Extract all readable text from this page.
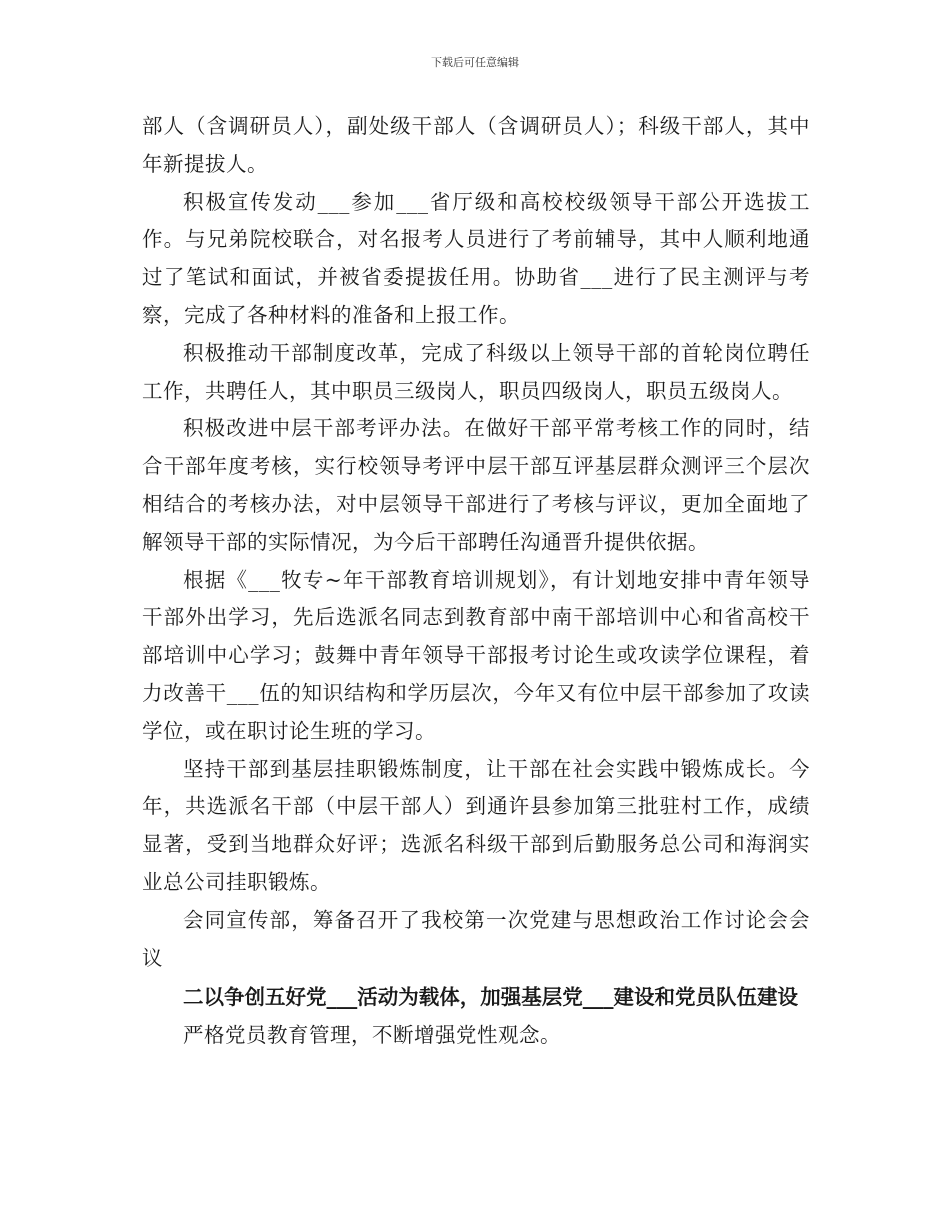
下载后可任意编辑

部人（含调研员人），副处级干部人（含调研员人）；科级干部人，其中年新提拔人。

积极宣传发动___参加___省厅级和高校校级领导干部公开选拔工作。与兄弟院校联合，对名报考人员进行了考前辅导，其中人顺利地通过了笔试和面试，并被省委提拔任用。协助省___进行了民主测评与考察，完成了各种材料的准备和上报工作。

积极推动干部制度改革，完成了科级以上领导干部的首轮岗位聘任工作，共聘任人，其中职员三级岗人，职员四级岗人，职员五级岗人。

积极改进中层干部考评办法。在做好干部平常考核工作的同时，结合干部年度考核，实行校领导考评中层干部互评基层群众测评三个层次相结合的考核办法，对中层领导干部进行了考核与评议，更加全面地了解领导干部的实际情况，为今后干部聘任沟通晋升提供依据。

根据《___牧专~年干部教育培训规划》，有计划地安排中青年领导干部外出学习，先后选派名同志到教育部中南干部培训中心和省高校干部培训中心学习；鼓舞中青年领导干部报考讨论生或攻读学位课程，着力改善干___伍的知识结构和学历层次，今年又有位中层干部参加了攻读学位，或在职讨论生班的学习。

坚持干部到基层挂职锻炼制度，让干部在社会实践中锻炼成长。今年，共选派名干部（中层干部人）到通许县参加第三批驻村工作，成绩显著，受到当地群众好评；选派名科级干部到后勤服务总公司和海润实业总公司挂职锻炼。

会同宣传部，筹备召开了我校第一次党建与思想政治工作讨论会会议

二以争创五好党___活动为载体，加强基层党___建设和党员队伍建设

严格党员教育管理，不断增强党性观念。
